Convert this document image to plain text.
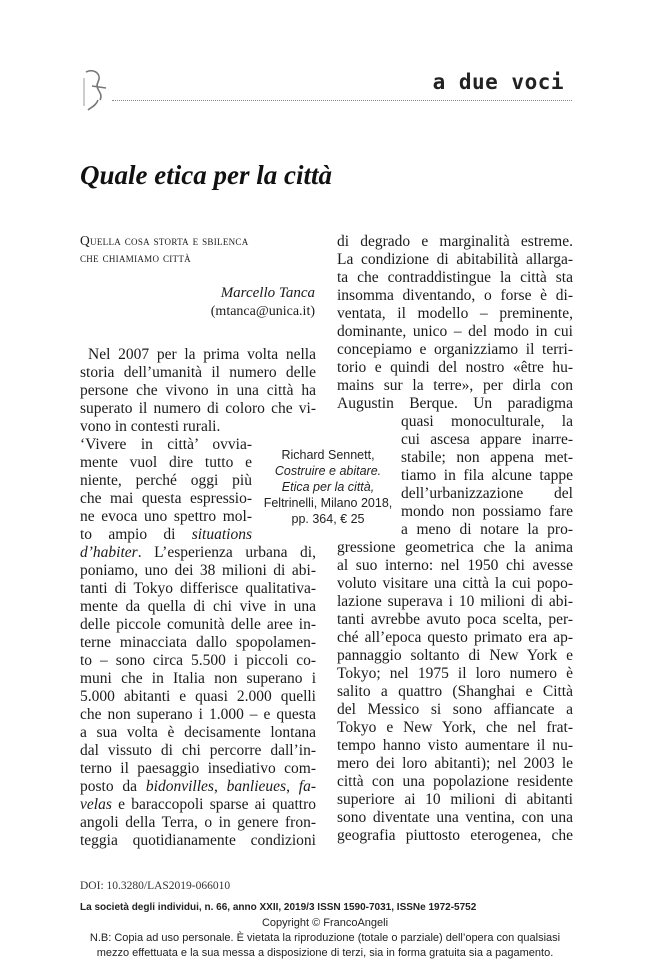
a due voci
Quale etica per la città
Quella cosa storta e sbilenca
che chiamiamo città
Marcello Tanca
(mtanca@unica.it)
Nel 2007 per la prima volta nella
storia dell’umanità il numero delle
persone che vivono in una città ha
superato il numero di coloro che vi-
vono in contesti rurali.
‘Vivere in città’ ovvia-
mente vuol dire tutto e
niente, perché oggi più
che mai questa espressio-
ne evoca uno spettro mol-
to ampio di situations
d’habiter. L’esperienza urbana di,
poniamo, uno dei 38 milioni di abi-
tanti di Tokyo differisce qualitativa-
mente da quella di chi vive in una
delle piccole comunità delle aree in-
terne minacciata dallo spopolamen-
to – sono circa 5.500 i piccoli co-
muni che in Italia non superano i
5.000 abitanti e quasi 2.000 quelli
che non superano i 1.000 – e questa
a sua volta è decisamente lontana
dal vissuto di chi percorre dall’in-
terno il paesaggio insediativo com-
posto da bidonvilles, banlieues, fa-
velas e baraccopoli sparse ai quattro
angoli della Terra, o in genere fron-
teggia quotidianamente condizioni
di degrado e marginalità estreme.
La condizione di abitabilità allarga-
ta che contraddistingue la città sta
insomma diventando, o forse è di-
ventata, il modello – preminente,
dominante, unico – del modo in cui
concepiamo e organizziamo il terri-
torio e quindi del nostro «être hu-
mains sur la terre», per dirla con
Augustin Berque. Un paradigma
quasi monoculturale, la
cui ascesa appare inarre-
stabile; non appena met-
tiamo in fila alcune tappe
dell’urbanizzazione del
mondo non possiamo fare
a meno di notare la pro-
gressione geometrica che la anima
al suo interno: nel 1950 chi avesse
voluto visitare una città la cui popo-
lazione superava i 10 milioni di abi-
tanti avrebbe avuto poca scelta, per-
ché all’epoca questo primato era ap-
pannaggio soltanto di New York e
Tokyo; nel 1975 il loro numero è
salito a quattro (Shanghai e Città
del Messico si sono affiancate a
Tokyo e New York, che nel frat-
tempo hanno visto aumentare il nu-
mero dei loro abitanti); nel 2003 le
città con una popolazione residente
superiore ai 10 milioni di abitanti
sono diventate una ventina, con una
geografia piuttosto eterogenea, che
Richard Sennett,
Costruire e abitare.
Etica per la città,
Feltrinelli, Milano 2018,
pp. 364, € 25
DOI: 10.3280/LAS2019-066010
La società degli individui, n. 66, anno XXII, 2019/3 ISSN 1590-7031, ISSNe 1972-5752
Copyright © FrancoAngeli
N.B: Copia ad uso personale. È vietata la riproduzione (totale o parziale) dell’opera con qualsiasi
mezzo effettuata e la sua messa a disposizione di terzi, sia in forma gratuita sia a pagamento.
